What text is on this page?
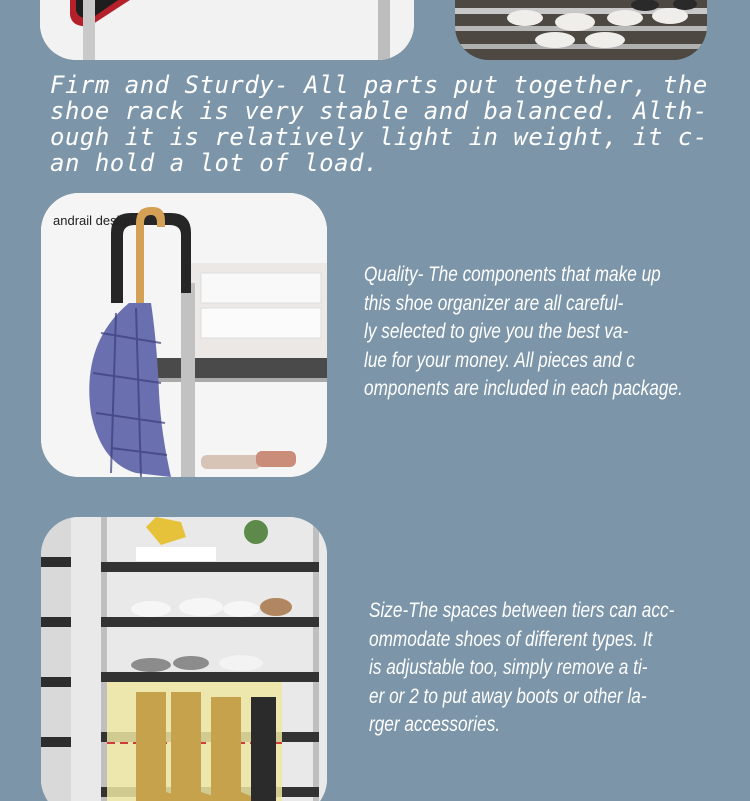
Firm and Sturdy- All parts put together, the
shoe rack is very stable and balanced. Alth-
ough it is relatively light in weight, it c-
an hold a lot of load.
andrail design
Quality- The components that make up
this shoe organizer are all careful-
ly selected to give you the best va-
lue for your money. All pieces and c
omponents are included in each package.
Size-The spaces between tiers can acc-
ommodate shoes of different types. It
is adjustable too, simply remove a ti-
er or 2 to put away boots or other la-
rger accessories.
